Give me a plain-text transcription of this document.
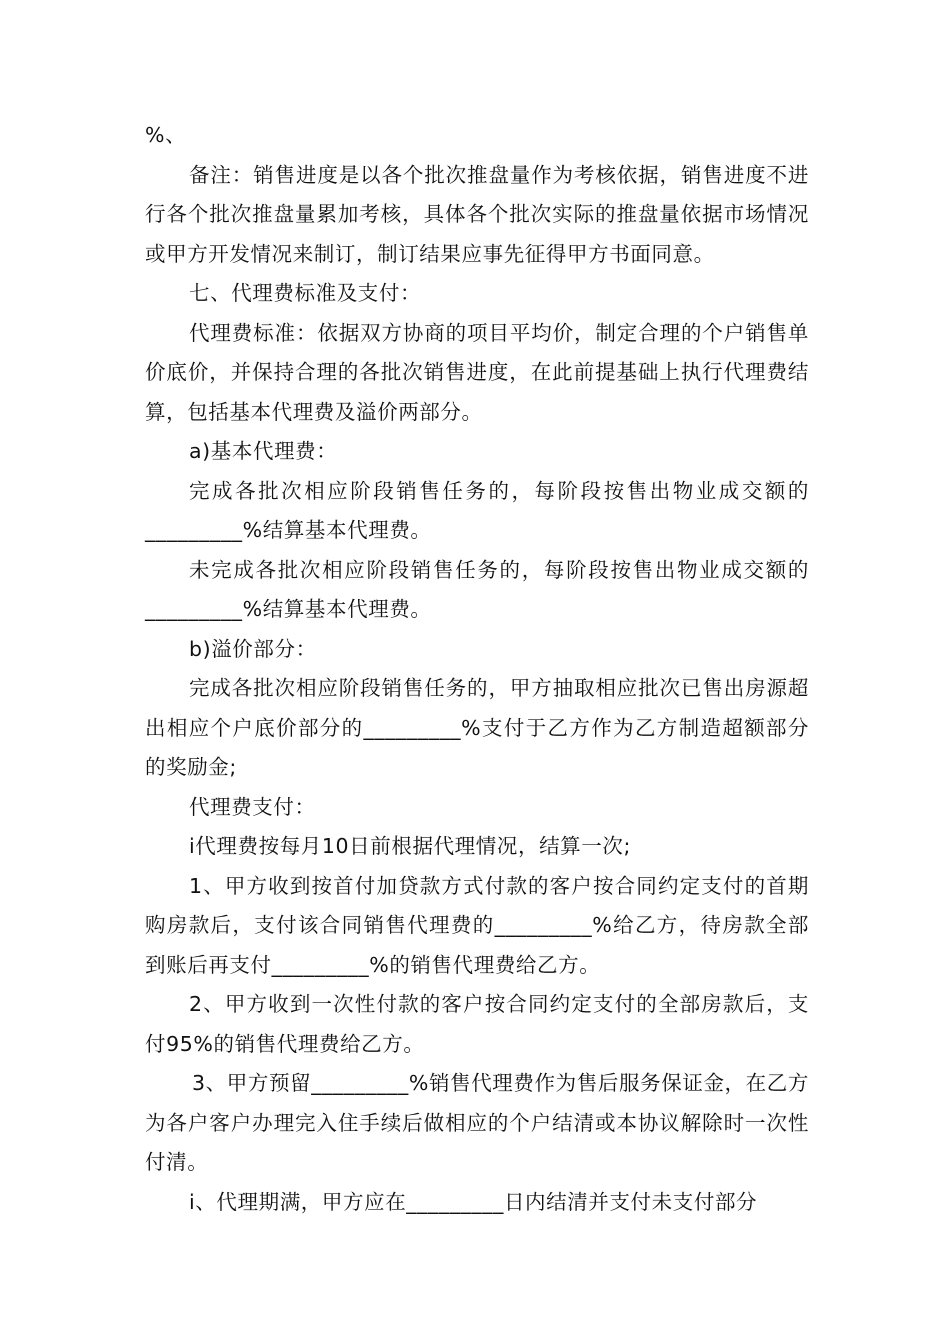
%、

备注：销售进度是以各个批次推盘量作为考核依据，销售进度不进行各个批次推盘量累加考核，具体各个批次实际的推盘量依据市场情况或甲方开发情况来制订，制订结果应事先征得甲方书面同意。

七、代理费标准及支付：

代理费标准：依据双方协商的项目平均价，制定合理的个户销售单价底价，并保持合理的各批次销售进度，在此前提基础上执行代理费结算，包括基本代理费及溢价两部分。

a)基本代理费：

完成各批次相应阶段销售任务的，每阶段按售出物业成交额的_________%结算基本代理费。

未完成各批次相应阶段销售任务的，每阶段按售出物业成交额的_________%结算基本代理费。

b)溢价部分：

完成各批次相应阶段销售任务的，甲方抽取相应批次已售出房源超出相应个户底价部分的_________%支付于乙方作为乙方制造超额部分的奖励金;

代理费支付：

i代理费按每月10日前根据代理情况，结算一次;

1、甲方收到按首付加贷款方式付款的客户按合同约定支付的首期购房款后，支付该合同销售代理费的_________%给乙方，待房款全部到账后再支付_________%的销售代理费给乙方。

2、甲方收到一次性付款的客户按合同约定支付的全部房款后，支付95%的销售代理费给乙方。

3、甲方预留_________%销售代理费作为售后服务保证金，在乙方为各户客户办理完入住手续后做相应的个户结清或本协议解除时一次性付清。

i、代理期满，甲方应在_________日内结清并支付未支付部分
